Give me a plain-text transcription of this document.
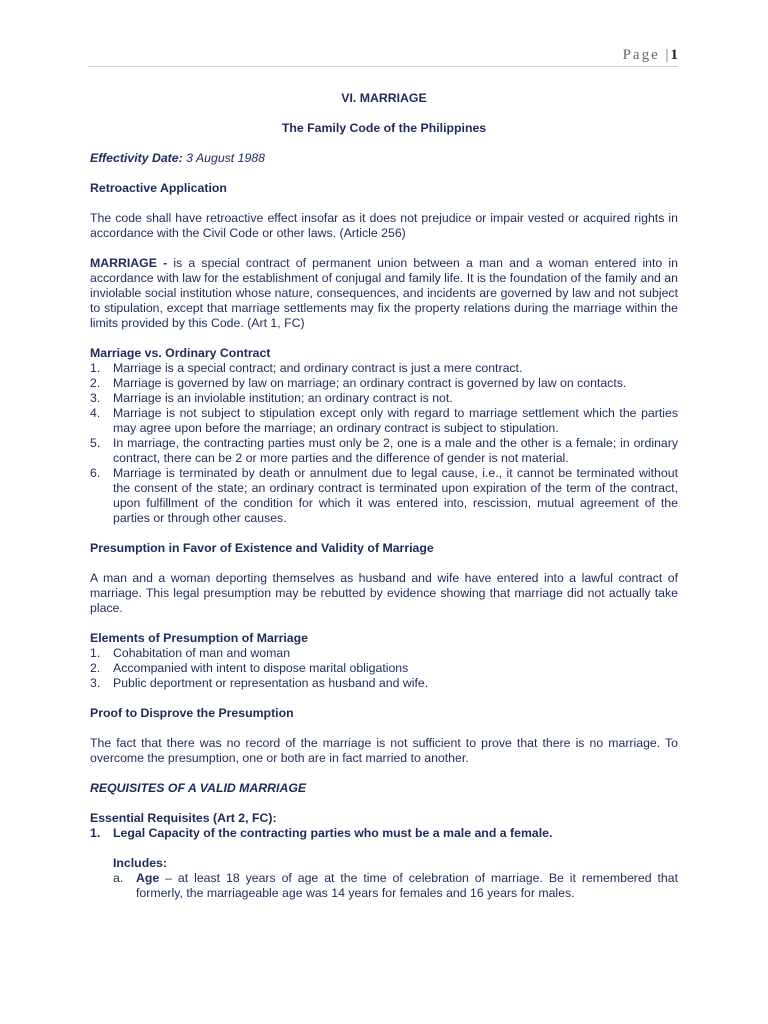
Page |1

VI. MARRIAGE

The Family Code of the Philippines

Effectivity Date: 3 August 1988

Retroactive Application

The code shall have retroactive effect insofar as it does not prejudice or impair vested or acquired rights in accordance with the Civil Code or other laws. (Article 256)

MARRIAGE - is a special contract of permanent union between a man and a woman entered into in accordance with law for the establishment of conjugal and family life. It is the foundation of the family and an inviolable social institution whose nature, consequences, and incidents are governed by law and not subject to stipulation, except that marriage settlements may fix the property relations during the marriage within the limits provided by this Code. (Art 1, FC)

Marriage vs. Ordinary Contract

1. Marriage is a special contract; and ordinary contract is just a mere contract.
2. Marriage is governed by law on marriage; an ordinary contract is governed by law on contacts.
3. Marriage is an inviolable institution; an ordinary contract is not.
4. Marriage is not subject to stipulation except only with regard to marriage settlement which the parties may agree upon before the marriage; an ordinary contract is subject to stipulation.
5. In marriage, the contracting parties must only be 2, one is a male and the other is a female; in ordinary contract, there can be 2 or more parties and the difference of gender is not material.
6. Marriage is terminated by death or annulment due to legal cause, i.e., it cannot be terminated without the consent of the state; an ordinary contract is terminated upon expiration of the term of the contract, upon fulfillment of the condition for which it was entered into, rescission, mutual agreement of the parties or through other causes.

Presumption in Favor of Existence and Validity of Marriage

A man and a woman deporting themselves as husband and wife have entered into a lawful contract of marriage. This legal presumption may be rebutted by evidence showing that marriage did not actually take place.

Elements of Presumption of Marriage

1. Cohabitation of man and woman
2. Accompanied with intent to dispose marital obligations
3. Public deportment or representation as husband and wife.

Proof to Disprove the Presumption

The fact that there was no record of the marriage is not sufficient to prove that there is no marriage. To overcome the presumption, one or both are in fact married to another.

REQUISITES OF A VALID MARRIAGE

Essential Requisites (Art 2, FC):

1. Legal Capacity of the contracting parties who must be a male and a female.

Includes:

a. Age – at least 18 years of age at the time of celebration of marriage. Be it remembered that formerly, the marriageable age was 14 years for females and 16 years for males.
